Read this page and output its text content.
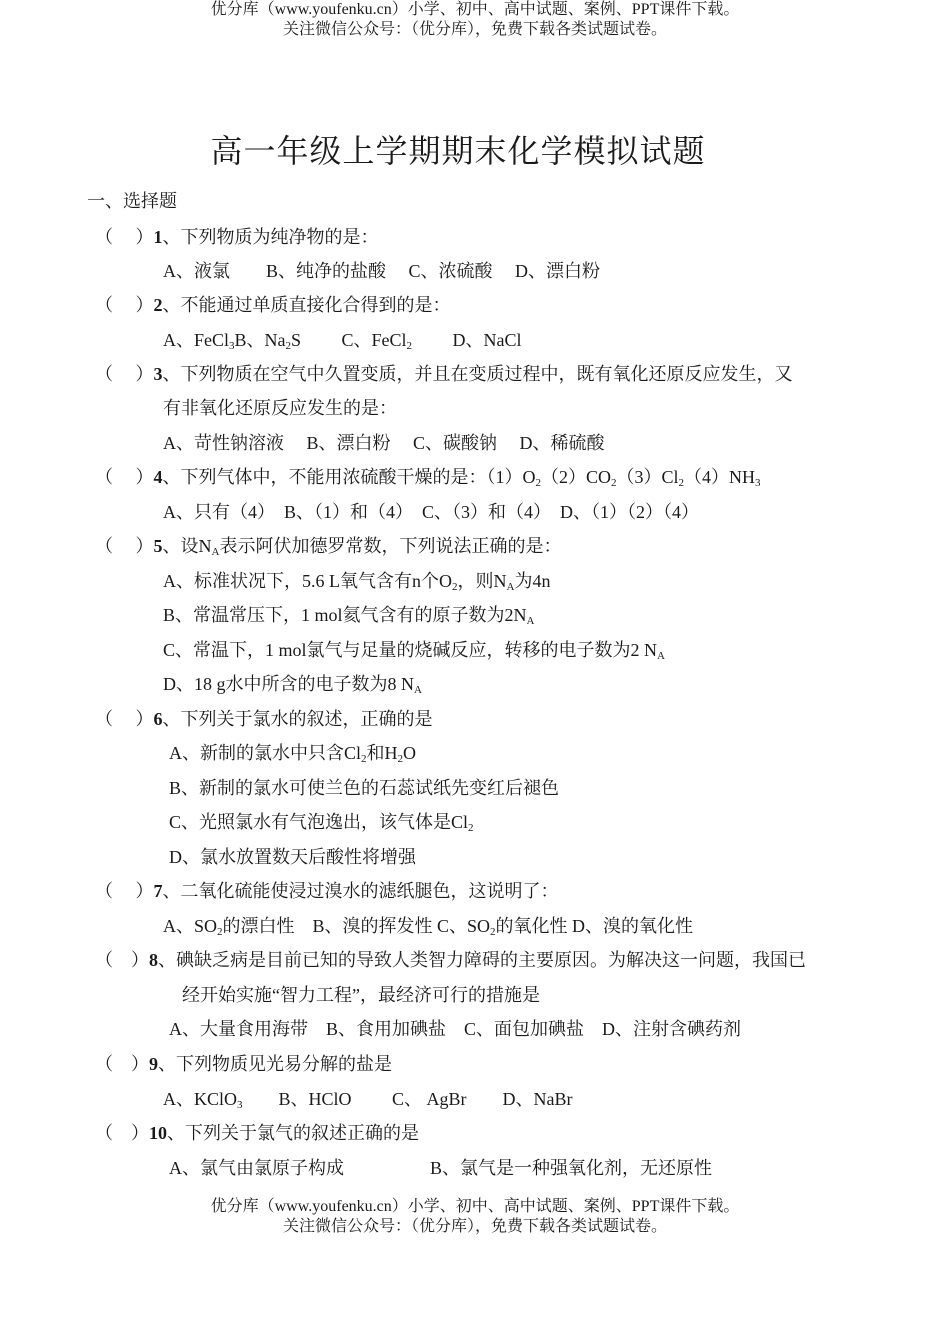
优分库（www.youfenku.cn）小学、初中、高中试题、案例、PPT课件下载。
关注微信公众号：（优分库），免费下载各类试题试卷。
高一年级上学期期末化学模拟试题
一、选择题
（　 ）1、下列物质为纯净物的是：
A、液氯　　B、纯净的盐酸　 C、浓硫酸　 D、漂白粉
（　 ）2、不能通过单质直接化合得到的是：
A、FeCl$_3$B、$Na_2S$　　 C、FeCl$_2$　　 D、NaCl
（　 ）3、下列物质在空气中久置变质，并且在变质过程中，既有氧化还原反应发生，又
有非氧化还原反应发生的是：
A、苛性钠溶液　 B、漂白粉　 C、碳酸钠　 D、稀硫酸
（　 ）4、下列气体中，不能用浓硫酸干燥的是：$(1)O_2(2)CO_2(3)Cl_2(4)NH_3$
A、只有（4）　B、（1）和（4）　C、（3）和（4）　D、（1）（2）（4）
（　 ）5、设$N_A$表示阿伏加德罗常数，下列说法正确的是：
A、标准状况下，5.6 L氧气含有n个$O_2$，则$N_A$为4n
B、常温常压下，1 mol氦气含有的原子数为$2N_A$
C、常温下，1 mol氯气与足量的烧碱反应，转移的电子数为2 $N_A$
D、18 g水中所含的电子数为8 $N_A$
（　 ）6、下列关于氯水的叙述，正确的是
A、新制的氯水中只含$Cl_2$和$H_2O$
B、新制的氯水可使兰色的石蕊试纸先变红后褪色
C、光照氯水有气泡逸出，该气体是$Cl_2$
D、氯水放置数天后酸性将增强
（　 ）7、二氧化硫能使浸过溴水的滤纸腿色，这说明了：
A、$SO_2$的漂白性　B、溴的挥发性 C、$SO_2$的氧化性 D、溴的氧化性
（　）8、碘缺乏病是目前已知的导致人类智力障碍的主要原因。为解决这一问题，我国已
经开始实施“智力工程”，最经济可行的措施是
A、大量食用海带　B、食用加碘盐　C、面包加碘盐　D、注射含碘药剂
（　）9、下列物质见光易分解的盐是
A、KClO$_3$　　B、HClO　　 C、 AgBr　　D、NaBr
（　）10、下列关于氯气的叙述正确的是
A、氯气由氯原子构成	B、氯气是一种强氧化剂，无还原性
优分库（www.youfenku.cn）小学、初中、高中试题、案例、PPT课件下载。
关注微信公众号：（优分库），免费下载各类试题试卷。
